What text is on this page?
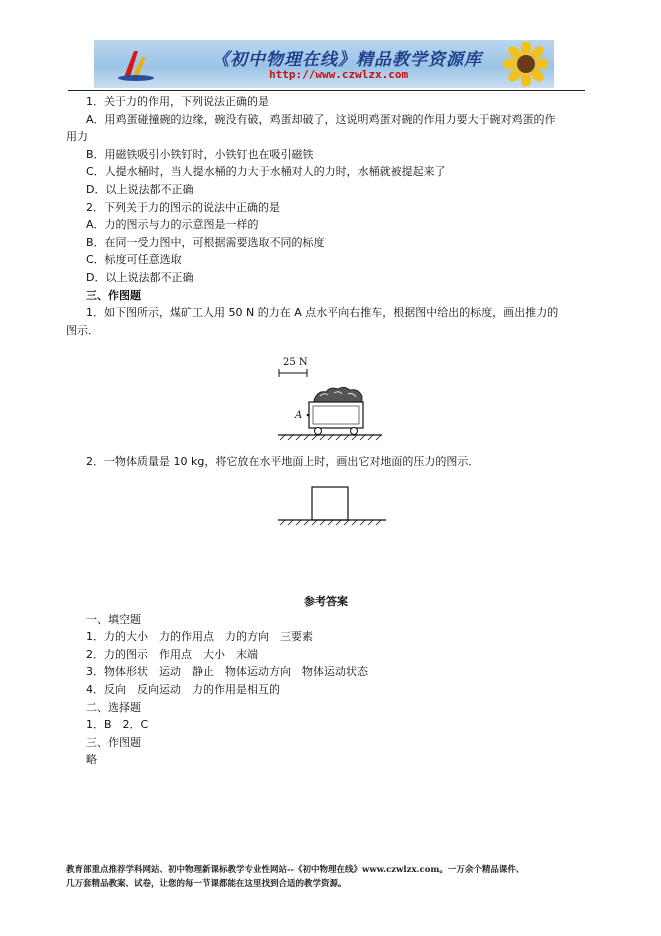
《初中物理在线》精品教学资源库
http://www.czwlzx.com

1．关于力的作用，下列说法正确的是

A．用鸡蛋碰撞碗的边缘，碗没有破，鸡蛋却破了，这说明鸡蛋对碗的作用力要大于碗对鸡蛋的作

用力

B．用磁铁吸引小铁钉时，小铁钉也在吸引磁铁

C．人提水桶时，当人提水桶的力大于水桶对人的力时，水桶就被提起来了

D．以上说法都不正确

2．下列关于力的图示的说法中正确的是

A．力的图示与力的示意图是一样的

B．在同一受力图中，可根据需要选取不同的标度

C．标度可任意选取

D．以上说法都不正确

三、作图题

1．如下图所示，煤矿工人用 50 N 的力在 A 点水平向右推车，根据图中给出的标度，画出推力的

图示．

25 N
A

2．一物体质量是 10 kg，将它放在水平地面上时，画出它对地面的压力的图示．

参考答案

一、填空题

1．力的大小　力的作用点　力的方向　三要素

2．力的图示　作用点　大小　末端

3．物体形状　运动　静止　物体运动方向　物体运动状态

4．反向　反向运动　力的作用是相互的

二、选择题

1．B　2．C

三、作图题

略

教育部重点推荐学科网站、初中物理新课标教学专业性网站--《初中物理在线》www.czwlzx.com。一万余个精品课件、

几万套精品教案、试卷，让您的每一节课都能在这里找到合适的教学资源。
